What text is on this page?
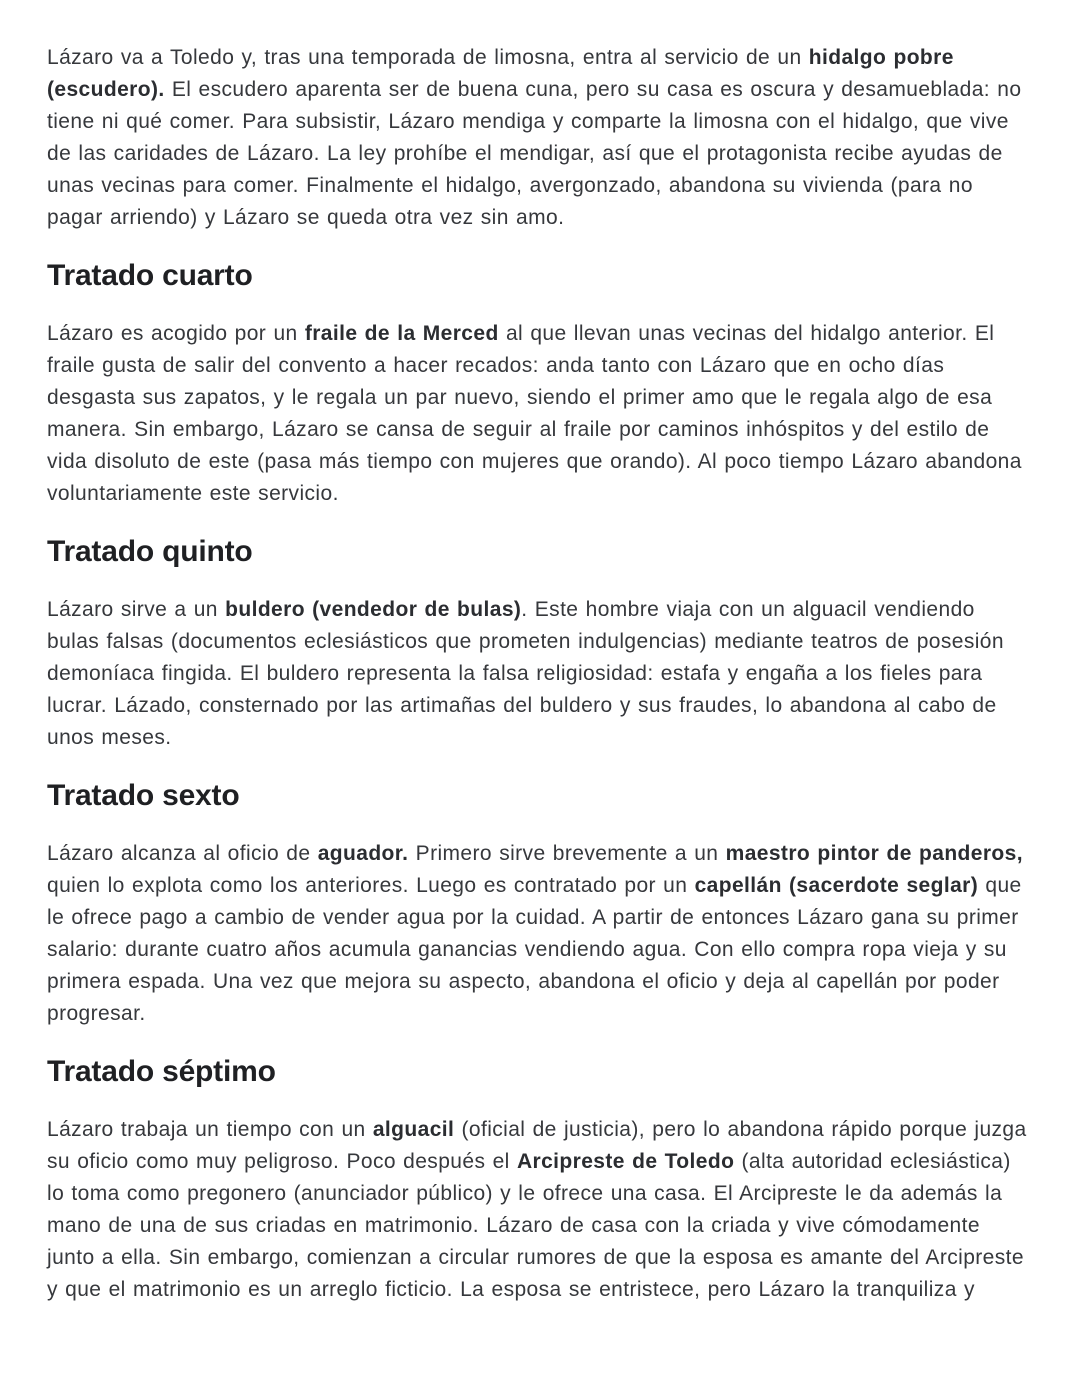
Lázaro va a Toledo y, tras una temporada de limosna, entra al servicio de un hidalgo pobre (escudero). El escudero aparenta ser de buena cuna, pero su casa es oscura y desamueblada: no tiene ni qué comer. Para subsistir, Lázaro mendiga y comparte la limosna con el hidalgo, que vive de las caridades de Lázaro. La ley prohíbe el mendigar, así que el protagonista recibe ayudas de unas vecinas para comer. Finalmente el hidalgo, avergonzado, abandona su vivienda (para no pagar arriendo) y Lázaro se queda otra vez sin amo.

Tratado cuarto

Lázaro es acogido por un fraile de la Merced al que llevan unas vecinas del hidalgo anterior. El fraile gusta de salir del convento a hacer recados: anda tanto con Lázaro que en ocho días desgasta sus zapatos, y le regala un par nuevo, siendo el primer amo que le regala algo de esa manera. Sin embargo, Lázaro se cansa de seguir al fraile por caminos inhóspitos y del estilo de vida disoluto de este (pasa más tiempo con mujeres que orando). Al poco tiempo Lázaro abandona voluntariamente este servicio.

Tratado quinto

Lázaro sirve a un buldero (vendedor de bulas). Este hombre viaja con un alguacil vendiendo bulas falsas (documentos eclesiásticos que prometen indulgencias) mediante teatros de posesión demoníaca fingida. El buldero representa la falsa religiosidad: estafa y engaña a los fieles para lucrar. Lázado, consternado por las artimañas del buldero y sus fraudes, lo abandona al cabo de unos meses.

Tratado sexto

Lázaro alcanza al oficio de aguador. Primero sirve brevemente a un maestro pintor de panderos, quien lo explota como los anteriores. Luego es contratado por un capellán (sacerdote seglar) que le ofrece pago a cambio de vender agua por la cuidad. A partir de entonces Lázaro gana su primer salario: durante cuatro años acumula ganancias vendiendo agua. Con ello compra ropa vieja y su primera espada. Una vez que mejora su aspecto, abandona el oficio y deja al capellán por poder progresar.

Tratado séptimo

Lázaro trabaja un tiempo con un alguacil (oficial de justicia), pero lo abandona rápido porque juzga su oficio como muy peligroso. Poco después el Arcipreste de Toledo (alta autoridad eclesiástica) lo toma como pregonero (anunciador público) y le ofrece una casa. El Arcipreste le da además la mano de una de sus criadas en matrimonio. Lázaro de casa con la criada y vive cómodamente junto a ella. Sin embargo, comienzan a circular rumores de que la esposa es amante del Arcipreste y que el matrimonio es un arreglo ficticio. La esposa se entristece, pero Lázaro la tranquiliza y
